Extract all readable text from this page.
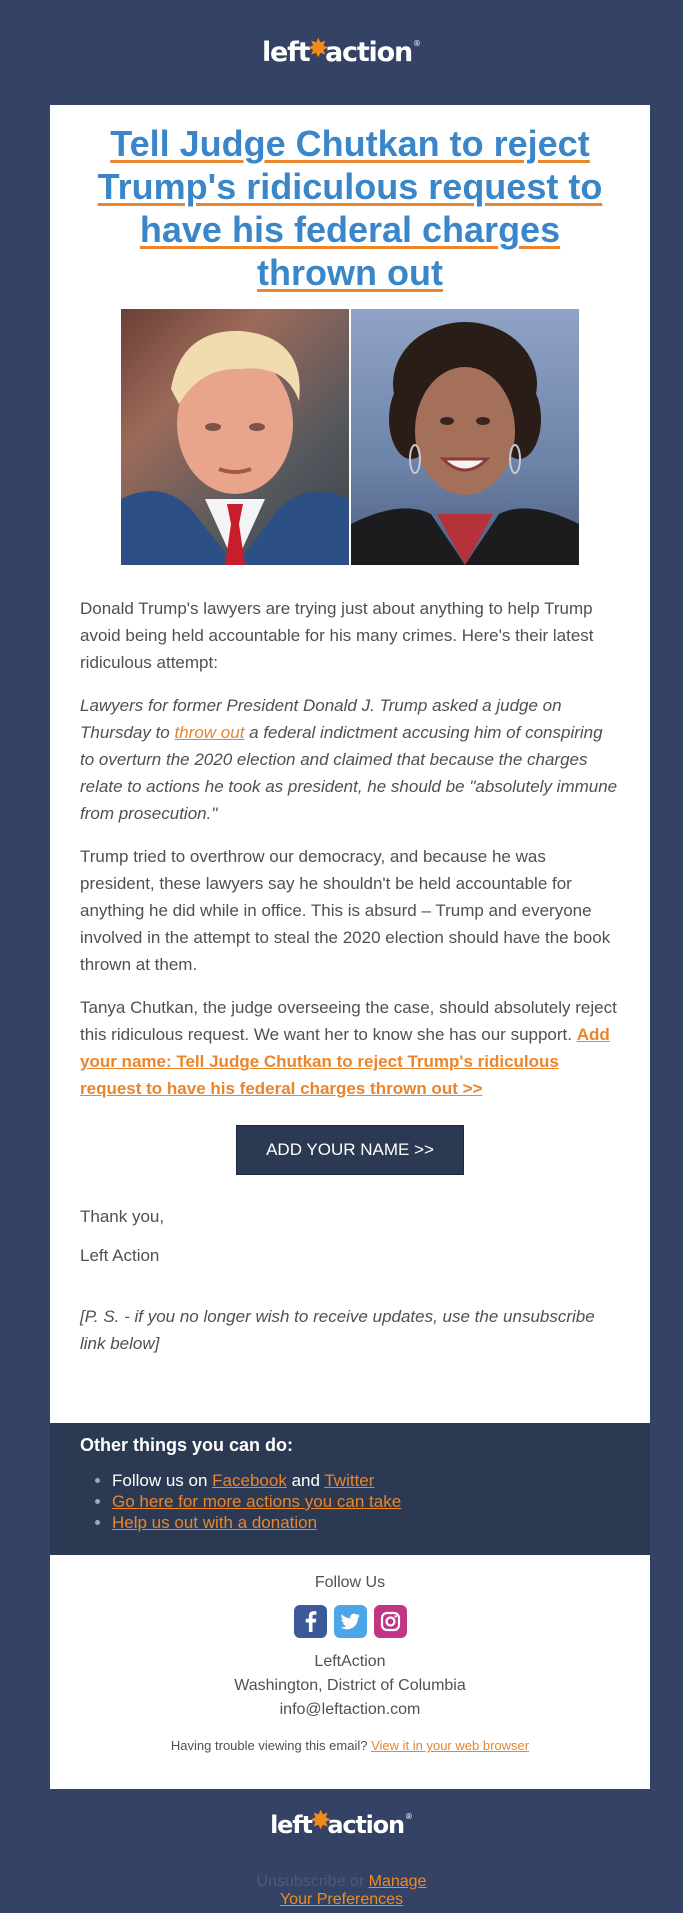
left
✸
action ®
Tell Judge Chutkan to reject Trump's ridiculous request to have his federal charges thrown out

Donald Trump's lawyers are trying just about anything to help Trump avoid being held accountable for his many crimes. Here's their latest ridiculous attempt:

Lawyers for former President Donald J. Trump asked a judge on Thursday to throw out a federal indictment accusing him of conspiring to overturn the 2020 election and claimed that because the charges relate to actions he took as president, he should be "absolutely immune from prosecution."

Trump tried to overthrow our democracy, and because he was president, these lawyers say he shouldn't be held accountable for anything he did while in office. This is absurd – Trump and everyone involved in the attempt to steal the 2020 election should have the book thrown at them.

Tanya Chutkan, the judge overseeing the case, should absolutely reject this ridiculous request. We want her to know she has our support. Add your name: Tell Judge Chutkan to reject Trump's ridiculous request to have his federal charges thrown out >>

ADD YOUR NAME >>
Thank you,
Left Action
[P. S. - if you no longer wish to receive updates, use the unsubscribe link below]
Other things you can do:
• Follow us on Facebook and Twitter
• Go here for more actions you can take
• Help us out with a donation
Follow Us
LeftAction
Washington, District of Columbia
info@leftaction.com
Having trouble viewing this email? View it in your web browser
left
✸
action ®
Unsubscribe or Manage
Your Preferences
